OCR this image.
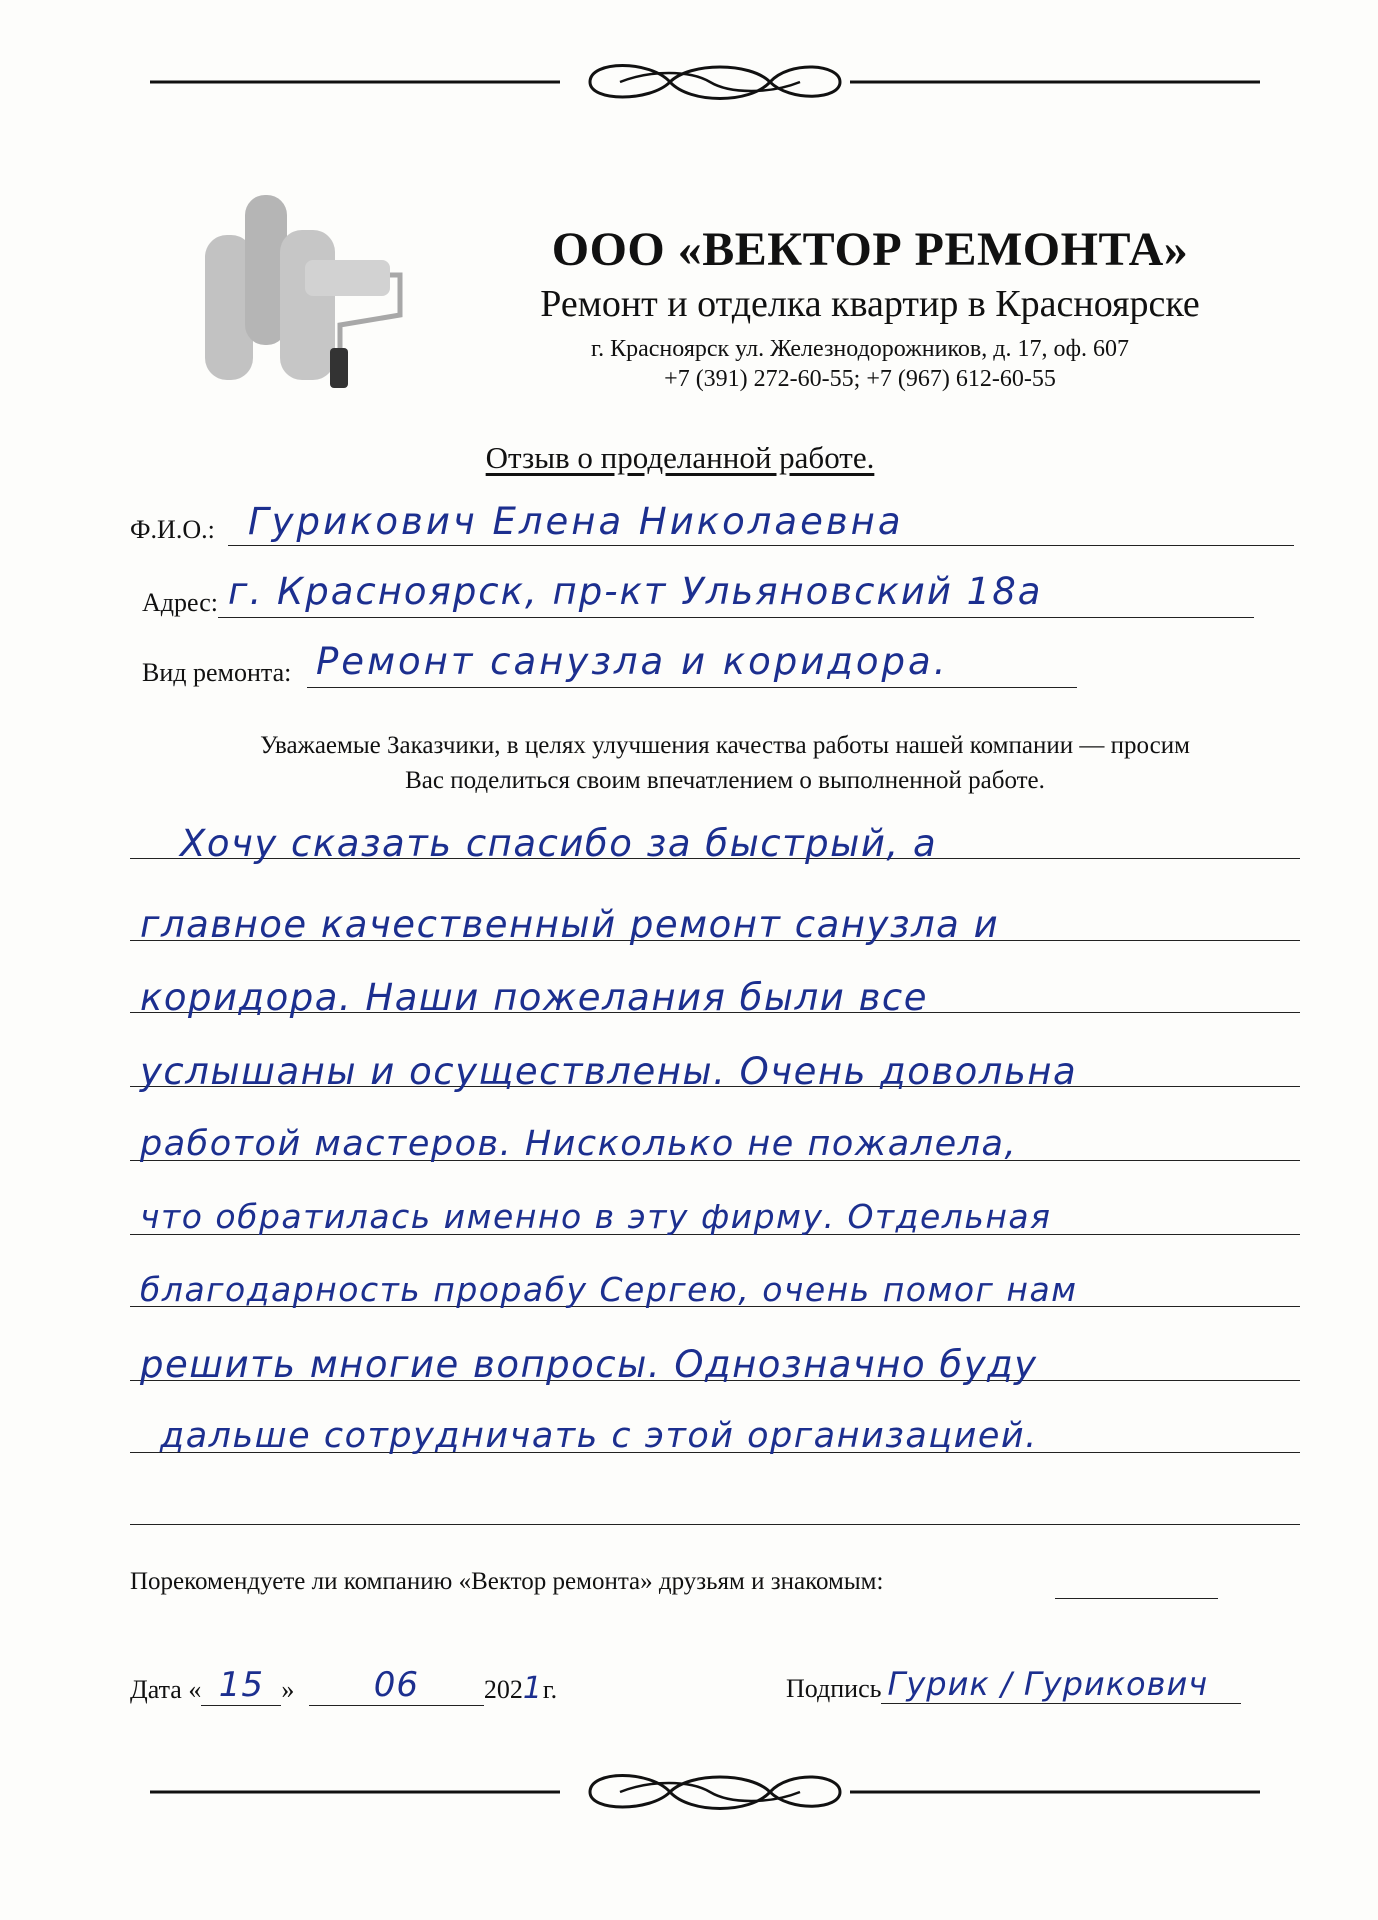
ООО «ВЕКТОР РЕМОНТА»
Ремонт и отделка квартир в Красноярске
г. Красноярск ул. Железнодорожников, д. 17, оф. 607
+7 (391) 272-60-55; +7 (967) 612-60-55
Отзыв о проделанной работе.
Ф.И.О.: Гурикович Елена Николаевна
Адрес: г. Красноярск, пр-кт Ульяновский 18а
Вид ремонта: Ремонт санузла и коридора.
Уважаемые Заказчики, в целях улучшения качества работы нашей компании — просим
Вас поделиться своим впечатлением о выполненной работе.
Хочу сказать спасибо за быстрый, а
главное качественный ремонт санузла и
коридора. Наши пожелания были все
услышаны и осуществлены. Очень довольна
работой мастеров. Нисколько не пожалела,
что обратилась именно в эту фирму. Отдельная
благодарность прорабу Сергею, очень помог нам
решить многие вопросы. Однозначно буду
дальше сотрудничать с этой организацией.
Порекомендуете ли компанию «Вектор ремонта» друзьям и знакомым:
Дата « 15 » 06 2021г.	Подпись Гурик / Гурикович
